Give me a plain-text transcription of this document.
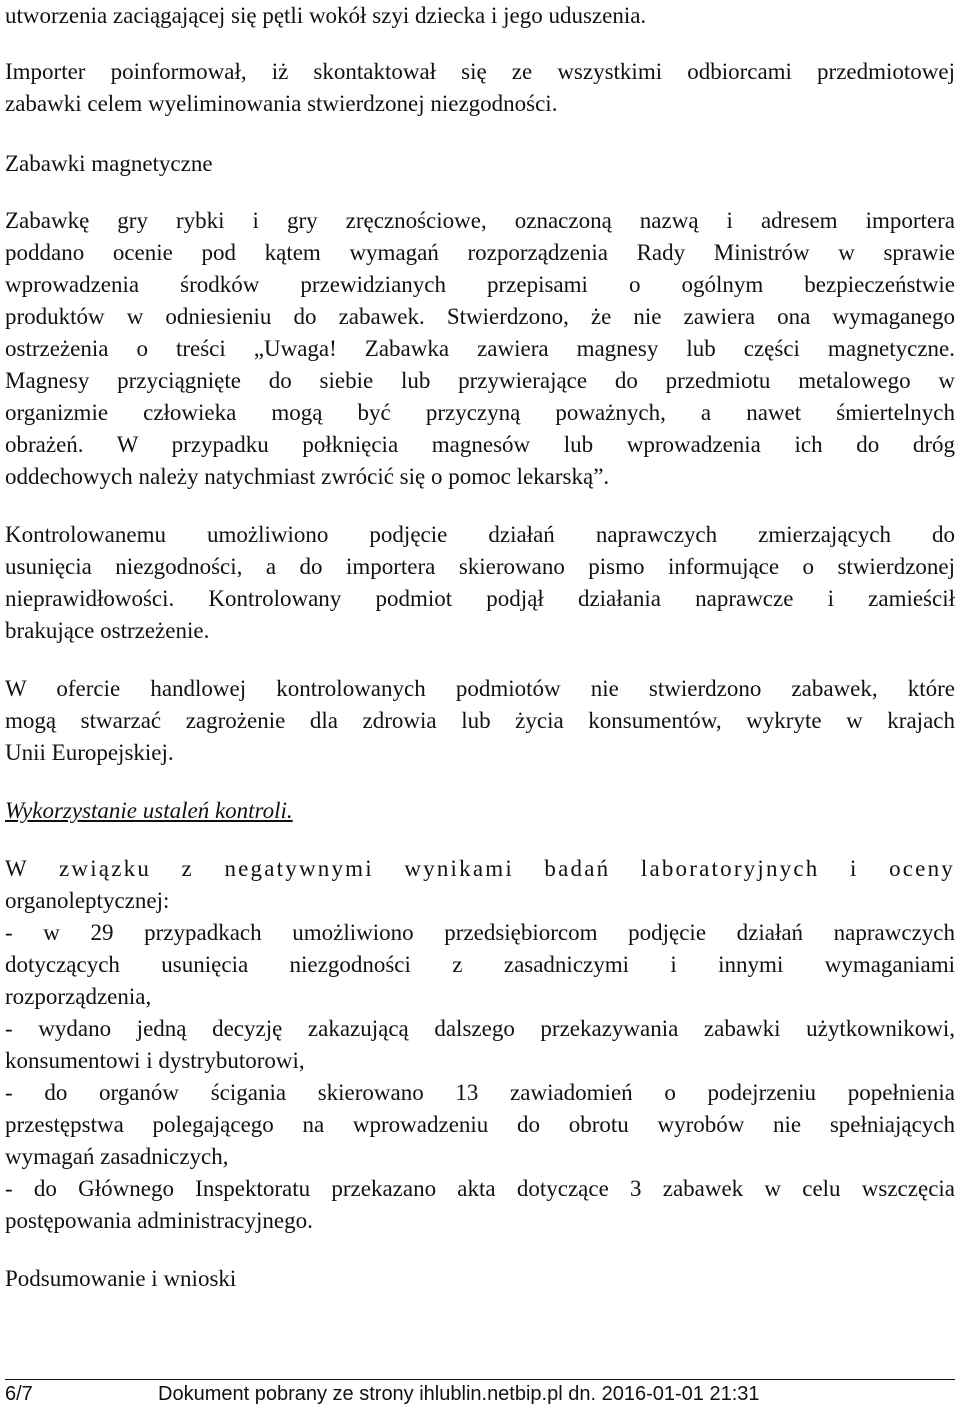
utworzenia zaciągającej się pętli wokół szyi dziecka i jego uduszenia.
Importer poinformował, iż skontaktował się ze wszystkimi odbiorcami przedmiotowej
zabawki celem wyeliminowania stwierdzonej niezgodności.
Zabawki magnetyczne
Zabawkę gry rybki i gry zręcznościowe, oznaczoną nazwą i adresem importera
poddano ocenie pod kątem wymagań rozporządzenia Rady Ministrów w sprawie
wprowadzenia środków przewidzianych przepisami o ogólnym bezpieczeństwie
produktów w odniesieniu do zabawek. Stwierdzono, że nie zawiera ona wymaganego
ostrzeżenia o treści „Uwaga! Zabawka zawiera magnesy lub części magnetyczne.
Magnesy przyciągnięte do siebie lub przywierające do przedmiotu metalowego w
organizmie człowieka mogą być przyczyną poważnych, a nawet śmiertelnych
obrażeń. W przypadku połknięcia magnesów lub wprowadzenia ich do dróg
oddechowych należy natychmiast zwrócić się o pomoc lekarską”.
Kontrolowanemu umożliwiono podjęcie działań naprawczych zmierzających do
usunięcia niezgodności, a do importera skierowano pismo informujące o stwierdzonej
nieprawidłowości. Kontrolowany podmiot podjął działania naprawcze i zamieścił
brakujące ostrzeżenie.
W ofercie handlowej kontrolowanych podmiotów nie stwierdzono zabawek, które
mogą stwarzać zagrożenie dla zdrowia lub życia konsumentów, wykryte w krajach
Unii Europejskiej.
Wykorzystanie ustaleń kontroli.
W związku z negatywnymi wynikami badań laboratoryjnych i oceny
organoleptycznej:
- w 29 przypadkach umożliwiono przedsiębiorcom podjęcie działań naprawczych
dotyczących usunięcia niezgodności z zasadniczymi i innymi wymaganiami
rozporządzenia,
- wydano jedną decyzję zakazującą dalszego przekazywania zabawki użytkownikowi,
konsumentowi i dystrybutorowi,
- do organów ścigania skierowano 13 zawiadomień o podejrzeniu popełnienia
przestępstwa polegającego na wprowadzeniu do obrotu wyrobów nie spełniających
wymagań zasadniczych,
- do Głównego Inspektoratu przekazano akta dotyczące 3 zabawek w celu wszczęcia
postępowania administracyjnego.
Podsumowanie i wnioski
6/7	Dokument pobrany ze strony ihlublin.netbip.pl dn. 2016-01-01 21:31
